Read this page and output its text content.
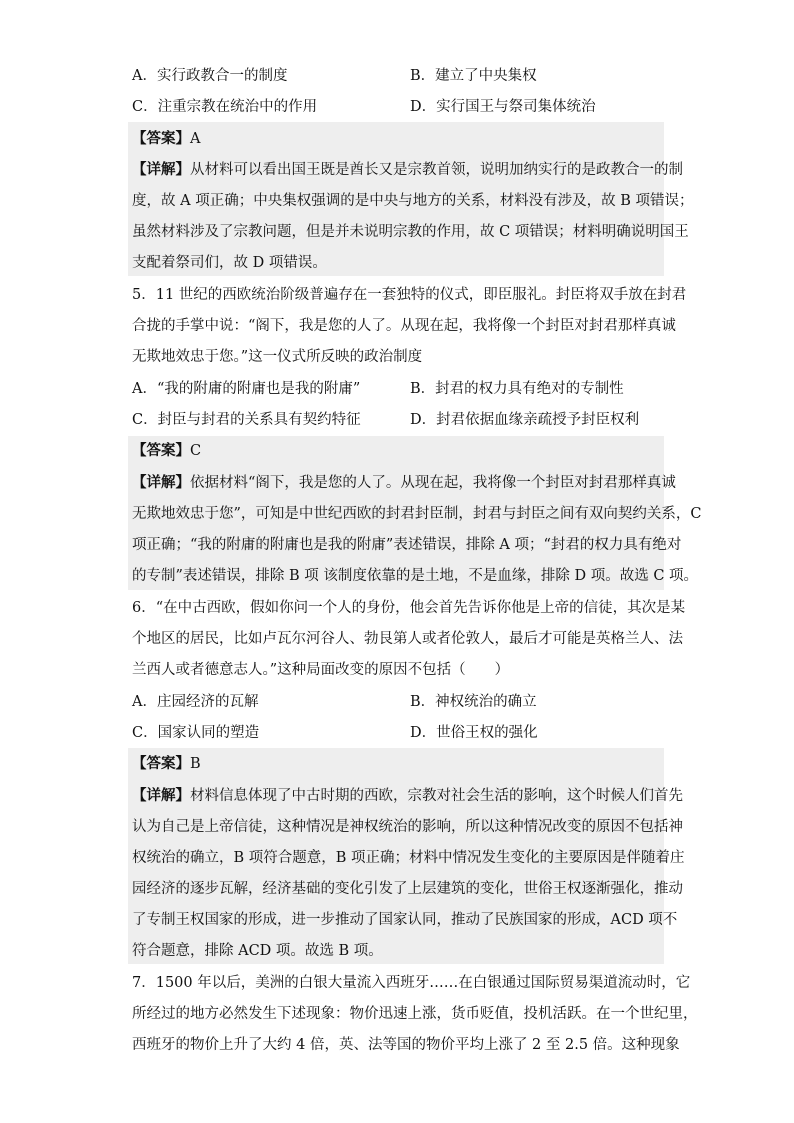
A．实行政教合一的制度	B．建立了中央集权
C．注重宗教在统治中的作用	D．实行国王与祭司集体统治
【答案】A
【详解】从材料可以看出国王既是酋长又是宗教首领，说明加纳实行的是政教合一的制
度，故 A 项正确；中央集权强调的是中央与地方的关系，材料没有涉及，故 B 项错误；
虽然材料涉及了宗教问题，但是并未说明宗教的作用，故 C 项错误；材料明确说明国王
支配着祭司们，故 D 项错误。
5．11 世纪的西欧统治阶级普遍存在一套独特的仪式，即臣服礼。封臣将双手放在封君
合拢的手掌中说：“阁下，我是您的人了。从现在起，我将像一个封臣对封君那样真诚
无欺地效忠于您。”这一仪式所反映的政治制度
A．“我的附庸的附庸也是我的附庸”	B．封君的权力具有绝对的专制性
C．封臣与封君的关系具有契约特征	D．封君依据血缘亲疏授予封臣权利
【答案】C
【详解】依据材料“阁下，我是您的人了。从现在起，我将像一个封臣对封君那样真诚
无欺地效忠于您”，可知是中世纪西欧的封君封臣制，封君与封臣之间有双向契约关系，C
项正确；“我的附庸的附庸也是我的附庸”表述错误，排除 A 项；“封君的权力具有绝对
的专制”表述错误，排除 B 项 该制度依靠的是土地，不是血缘，排除 D 项。故选 C 项。
6．“在中古西欧，假如你问一个人的身份，他会首先告诉你他是上帝的信徒，其次是某
个地区的居民，比如卢瓦尔河谷人、勃艮第人或者伦敦人，最后才可能是英格兰人、法
兰西人或者德意志人。”这种局面改变的原因不包括（　　）
A．庄园经济的瓦解	B．神权统治的确立
C．国家认同的塑造	D．世俗王权的强化
【答案】B
【详解】材料信息体现了中古时期的西欧，宗教对社会生活的影响，这个时候人们首先
认为自己是上帝信徒，这种情况是神权统治的影响，所以这种情况改变的原因不包括神
权统治的确立，B 项符合题意，B 项正确；材料中情况发生变化的主要原因是伴随着庄
园经济的逐步瓦解，经济基础的变化引发了上层建筑的变化，世俗王权逐渐强化，推动
了专制王权国家的形成，进一步推动了国家认同，推动了民族国家的形成，ACD 项不
符合题意，排除 ACD 项。故选 B 项。
7．1500 年以后，美洲的白银大量流入西班牙……在白银通过国际贸易渠道流动时，它
所经过的地方必然发生下述现象：物价迅速上涨，货币贬值，投机活跃。在一个世纪里，
西班牙的物价上升了大约 4 倍，英、法等国的物价平均上涨了 2 至 2.5 倍。这种现象
